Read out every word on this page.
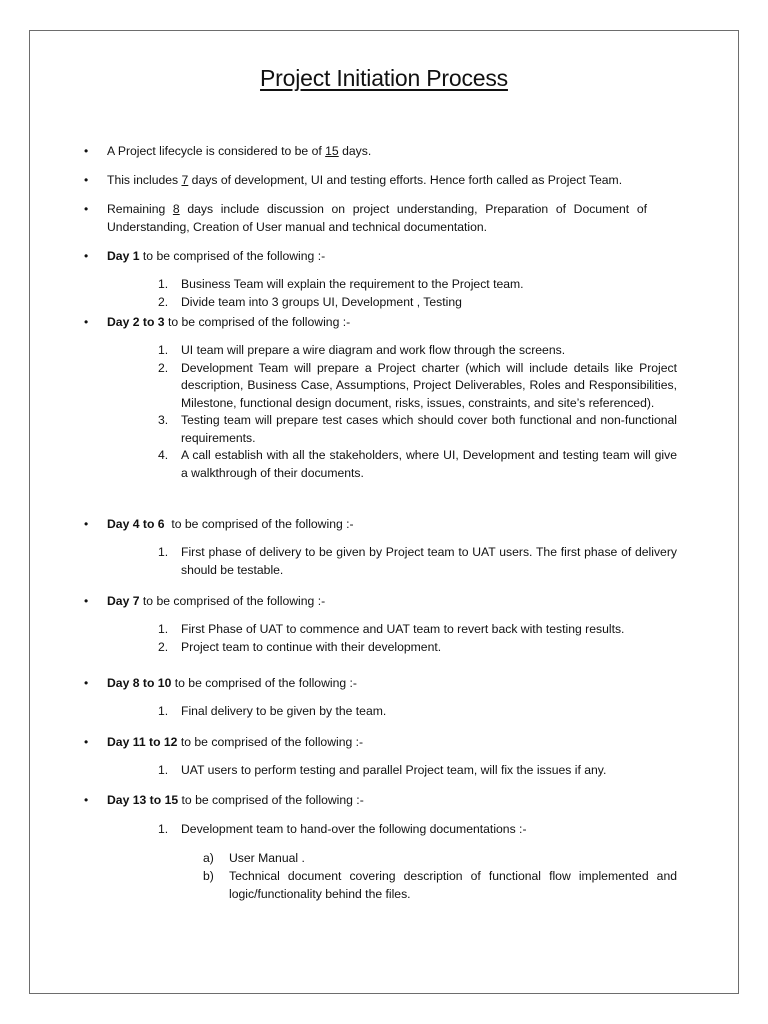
Project Initiation Process
• A Project lifecycle is considered to be of 15 days.
• This includes 7 days of development, UI and testing efforts. Hence forth called as Project Team.
• Remaining 8 days include discussion on project understanding, Preparation of Document of Understanding, Creation of User manual and technical documentation.
• Day 1 to be comprised of the following :-
1. Business Team will explain the requirement to the Project team.
2. Divide team into 3 groups UI, Development , Testing
• Day 2 to 3 to be comprised of the following :-
1. UI team will prepare a wire diagram and work flow through the screens.
2. Development Team will prepare a Project charter (which will include details like Project description, Business Case, Assumptions, Project Deliverables, Roles and Responsibilities, Milestone, functional design document, risks, issues, constraints, and site’s referenced).
3. Testing team will prepare test cases which should cover both functional and non-functional requirements.
4. A call establish with all the stakeholders, where UI, Development and testing team will give a walkthrough of their documents.
• Day 4 to 6  to be comprised of the following :-
1. First phase of delivery to be given by Project team to UAT users. The first phase of delivery should be testable.
• Day 7 to be comprised of the following :-
1. First Phase of UAT to commence and UAT team to revert back with testing results.
2. Project team to continue with their development.
• Day 8 to 10 to be comprised of the following :-
1. Final delivery to be given by the team.
• Day 11 to 12 to be comprised of the following :-
1. UAT users to perform testing and parallel Project team, will fix the issues if any.
• Day 13 to 15 to be comprised of the following :-
1. Development team to hand-over the following documentations :-
a) User Manual .
b) Technical document covering description of functional flow implemented and logic/functionality behind the files.
